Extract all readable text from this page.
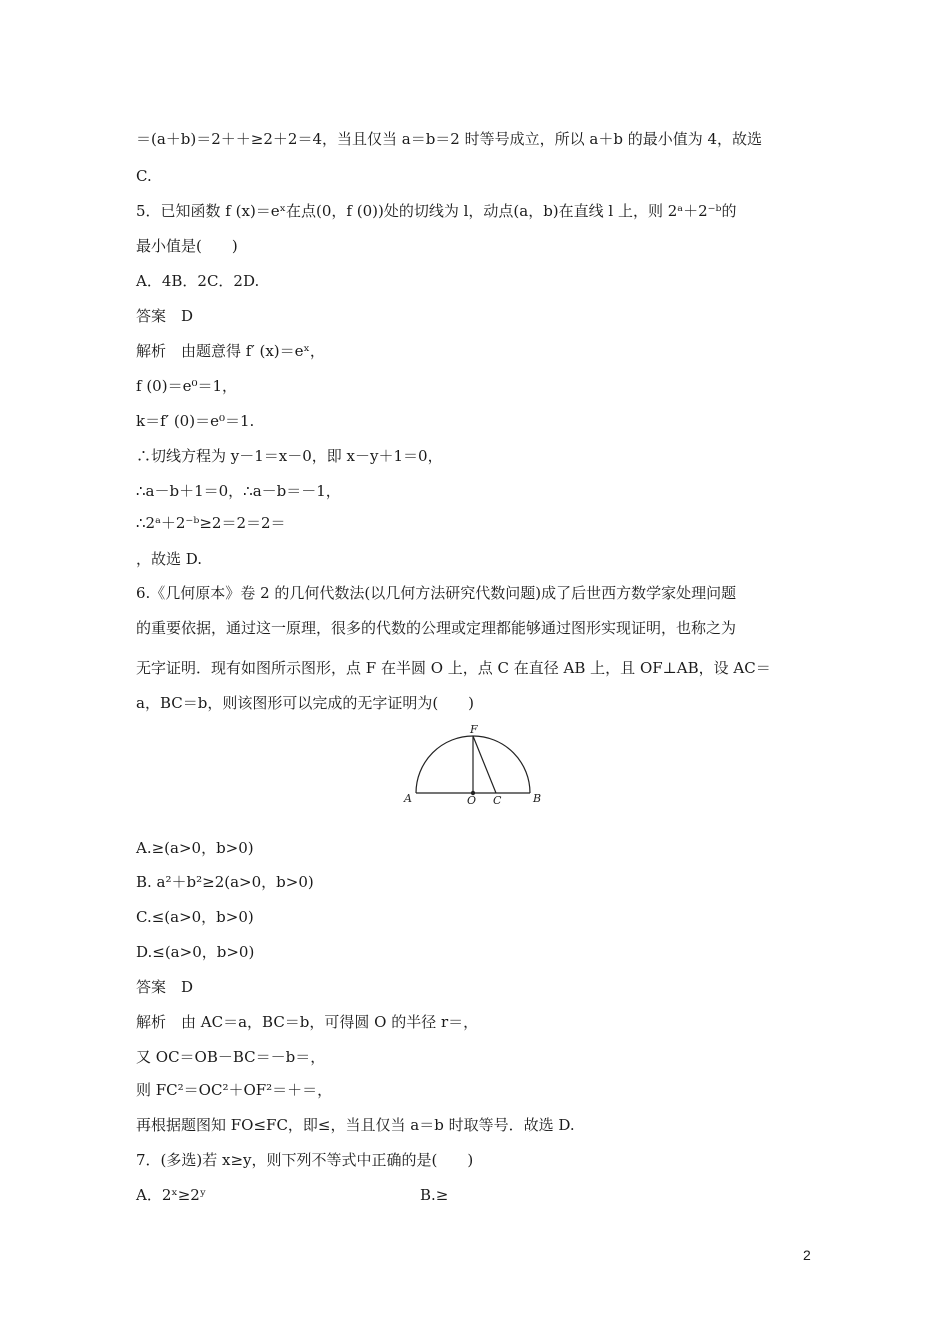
＝(a＋b)＝2＋＋≥2＋2＝4，当且仅当 a＝b＝2 时等号成立，所以 a＋b 的最小值为 4，故选
C.
5．已知函数 f (x)＝eˣ在点(0，f (0))处的切线为 l，动点(a，b)在直线 l 上，则 2ᵃ＋2⁻ᵇ的
最小值是(　　)
A．4B．2C．2D.
答案　D
解析　由题意得 f′ (x)＝eˣ，
f (0)＝e⁰＝1，
k＝f′ (0)＝e⁰＝1.
∴切线方程为 y－1＝x－0，即 x－y＋1＝0，
∴a－b＋1＝0，∴a－b＝－1，
∴2ᵃ＋2⁻ᵇ≥2＝2＝2＝
，故选 D.
6.《几何原本》卷 2 的几何代数法(以几何方法研究代数问题)成了后世西方数学家处理问题
的重要依据，通过这一原理，很多的代数的公理或定理都能够通过图形实现证明，也称之为
无字证明．现有如图所示图形，点 F 在半圆 O 上，点 C 在直径 AB 上，且 OF⊥AB，设 AC＝
a，BC＝b，则该图形可以完成的无字证明为(　　)
F
A	O C	B
A.≥(a>0，b>0)
B. a²＋b²≥2(a>0，b>0)
C.≤(a>0，b>0)
D.≤(a>0，b>0)
答案　D
解析　由 AC＝a，BC＝b，可得圆 O 的半径 r＝，
又 OC＝OB－BC＝－b＝，
则 FC²＝OC²＋OF²＝＋＝，
再根据题图知 FO≤FC，即≤，当且仅当 a＝b 时取等号．故选 D.
7．(多选)若 x≥y，则下列不等式中正确的是(　　)
A．2ˣ≥2ʸ	B.≥
2
